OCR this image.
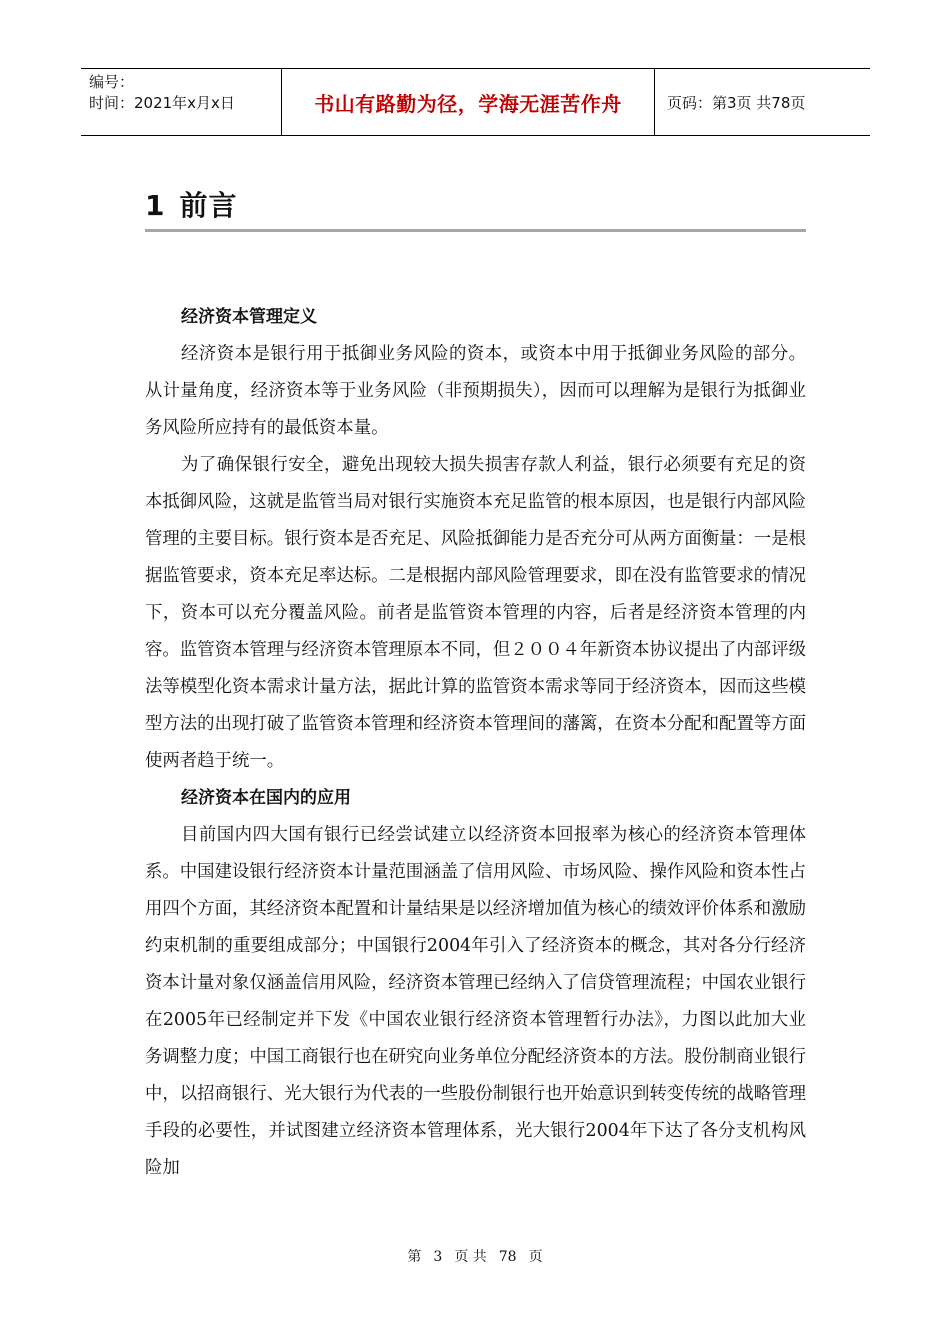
编号：
时间：2021年x月x日	书山有路勤为径，学海无涯苦作舟	页码：第3页 共78页
1 前言
经济资本管理定义

经济资本是银行用于抵御业务风险的资本，或资本中用于抵御业务风险的部分。从计量角度，经济资本等于业务风险（非预期损失），因而可以理解为是银行为抵御业务风险所应持有的最低资本量。

为了确保银行安全，避免出现较大损失损害存款人利益，银行必须要有充足的资本抵御风险，这就是监管当局对银行实施资本充足监管的根本原因，也是银行内部风险管理的主要目标。银行资本是否充足、风险抵御能力是否充分可从两方面衡量：一是根据监管要求，资本充足率达标。二是根据内部风险管理要求，即在没有监管要求的情况下，资本可以充分覆盖风险。前者是监管资本管理的内容，后者是经济资本管理的内容。监管资本管理与经济资本管理原本不同，但２００４年新资本协议提出了内部评级法等模型化资本需求计量方法，据此计算的监管资本需求等同于经济资本，因而这些模型方法的出现打破了监管资本管理和经济资本管理间的藩篱，在资本分配和配置等方面使两者趋于统一。

经济资本在国内的应用

目前国内四大国有银行已经尝试建立以经济资本回报率为核心的经济资本管理体系。中国建设银行经济资本计量范围涵盖了信用风险、市场风险、操作风险和资本性占用四个方面，其经济资本配置和计量结果是以经济增加值为核心的绩效评价体系和激励约束机制的重要组成部分；中国银行2004年引入了经济资本的概念，其对各分行经济资本计量对象仅涵盖信用风险，经济资本管理已经纳入了信贷管理流程；中国农业银行在2005年已经制定并下发《中国农业银行经济资本管理暂行办法》，力图以此加大业务调整力度；中国工商银行也在研究向业务单位分配经济资本的方法。股份制商业银行中，以招商银行、光大银行为代表的一些股份制银行也开始意识到转变传统的战略管理手段的必要性，并试图建立经济资本管理体系，光大银行2004年下达了各分支机构风险加

第 3 页 共 78 页
